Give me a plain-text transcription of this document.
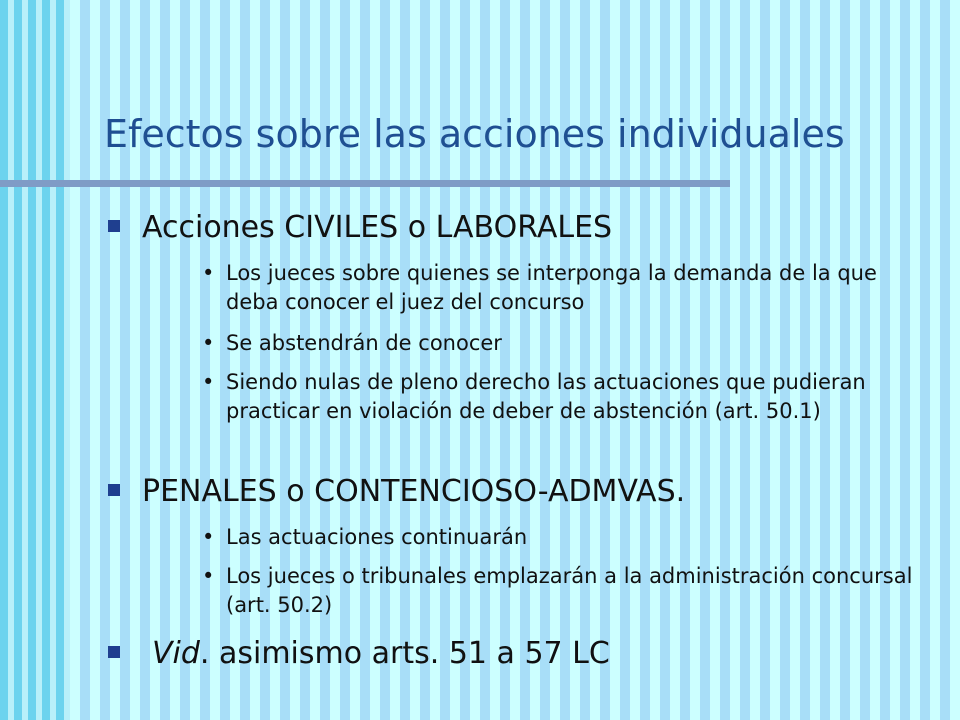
Efectos sobre las acciones individuales
Acciones CIVILES o LABORALES
• Los jueces sobre quienes se interponga la demanda de la que deba conocer el juez del concurso
• Se abstendrán de conocer
• Siendo nulas de pleno derecho las actuaciones que pudieran practicar en violación de deber de abstención (art. 50.1)
PENALES o CONTENCIOSO-ADMVAS.
• Las actuaciones continuarán
• Los jueces o tribunales emplazarán a la administración concursal (art. 50.2)
Vid. asimismo arts. 51 a 57 LC
